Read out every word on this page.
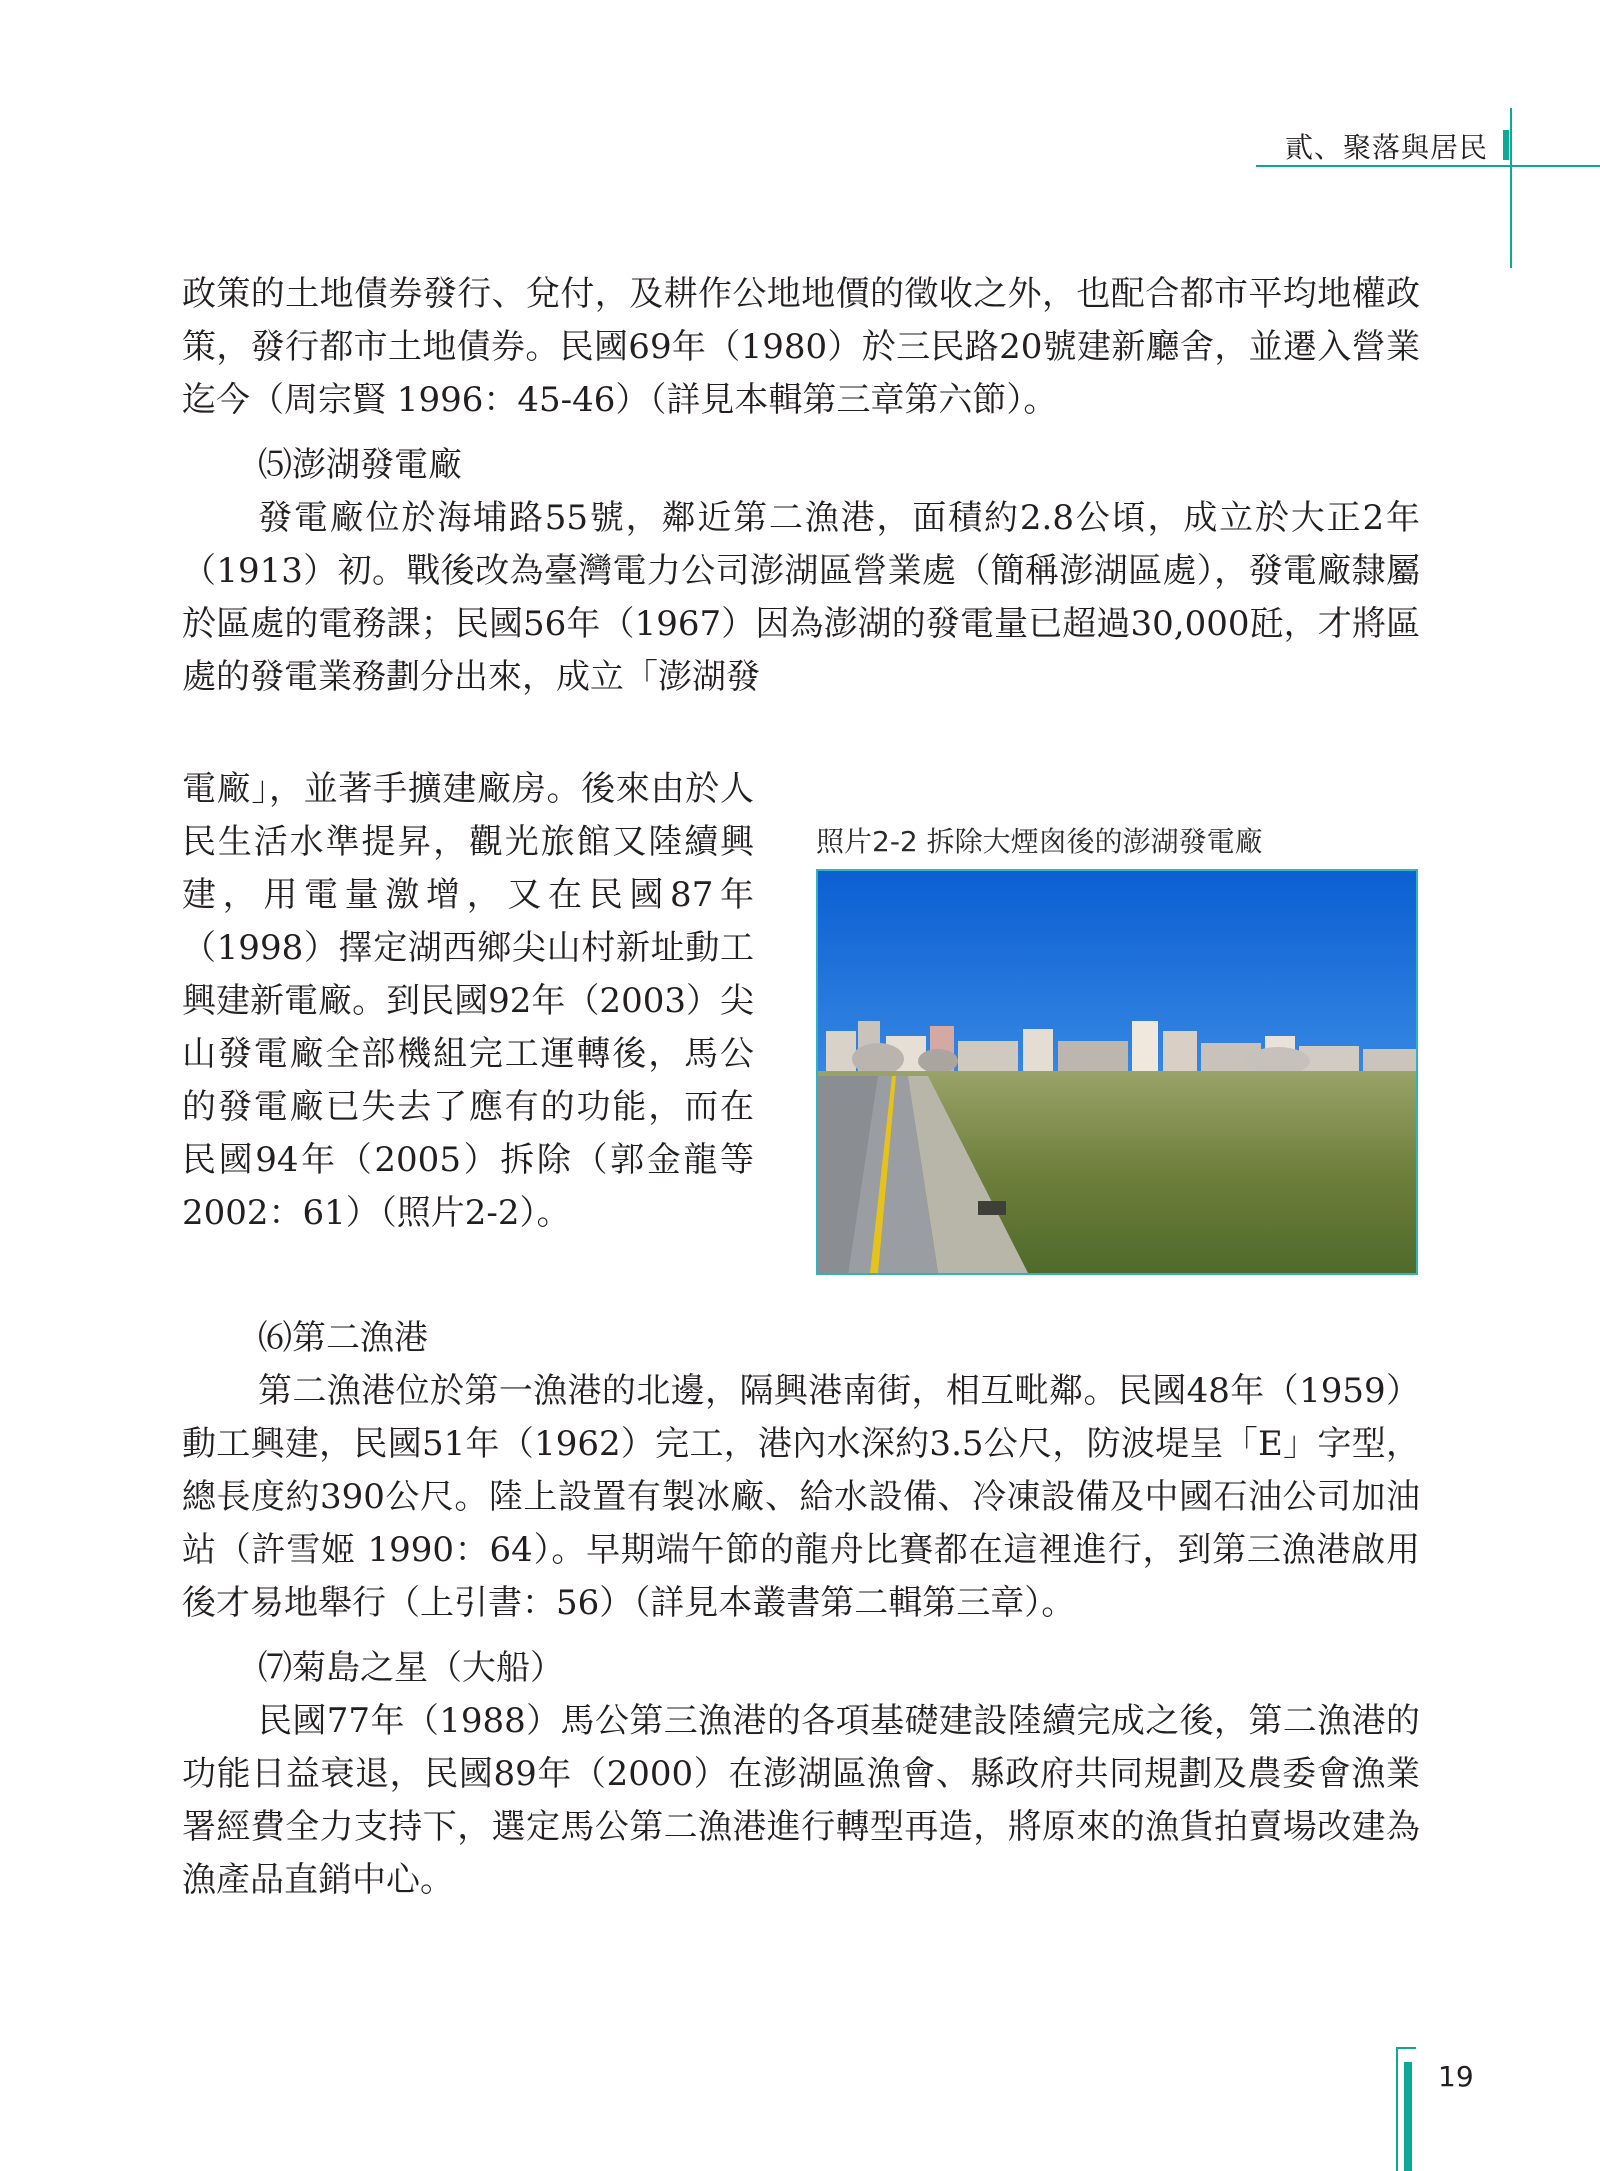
貳、聚落與居民

政策的土地債券發行、兌付，及耕作公地地價的徵收之外，也配合都市平均地權政策，發行都市土地債券。民國69年（1980）於三民路20號建新廳舍，並遷入營業迄今（周宗賢 1996：45-46）（詳見本輯第三章第六節）。

⑸澎湖發電廠

發電廠位於海埔路55號，鄰近第二漁港，面積約2.8公頃，成立於大正2年（1913）初。戰後改為臺灣電力公司澎湖區營業處（簡稱澎湖區處），發電廠隸屬於區處的電務課；民國56年（1967）因為澎湖的發電量已超過30,000瓩，才將區處的發電業務劃分出來，成立「澎湖發

電廠」，並著手擴建廠房。後來由於人民生活水準提昇，觀光旅館又陸續興建，用電量激增，又在民國87年（1998）擇定湖西鄉尖山村新址動工興建新電廠。到民國92年（2003）尖山發電廠全部機組完工運轉後，馬公的發電廠已失去了應有的功能，而在民國94年（2005）拆除（郭金龍等 2002：61）（照片2-2）。

照片2-2 拆除大煙囪後的澎湖發電廠

⑹第二漁港

第二漁港位於第一漁港的北邊，隔興港南街，相互毗鄰。民國48年（1959）動工興建，民國51年（1962）完工，港內水深約3.5公尺，防波堤呈「E」字型，總長度約390公尺。陸上設置有製冰廠、給水設備、冷凍設備及中國石油公司加油站（許雪姬 1990：64）。早期端午節的龍舟比賽都在這裡進行，到第三漁港啟用後才易地舉行（上引書：56）（詳見本叢書第二輯第三章）。

⑺菊島之星（大船）

民國77年（1988）馬公第三漁港的各項基礎建設陸續完成之後，第二漁港的功能日益衰退，民國89年（2000）在澎湖區漁會、縣政府共同規劃及農委會漁業署經費全力支持下，選定馬公第二漁港進行轉型再造，將原來的漁貨拍賣場改建為漁產品直銷中心。

19
